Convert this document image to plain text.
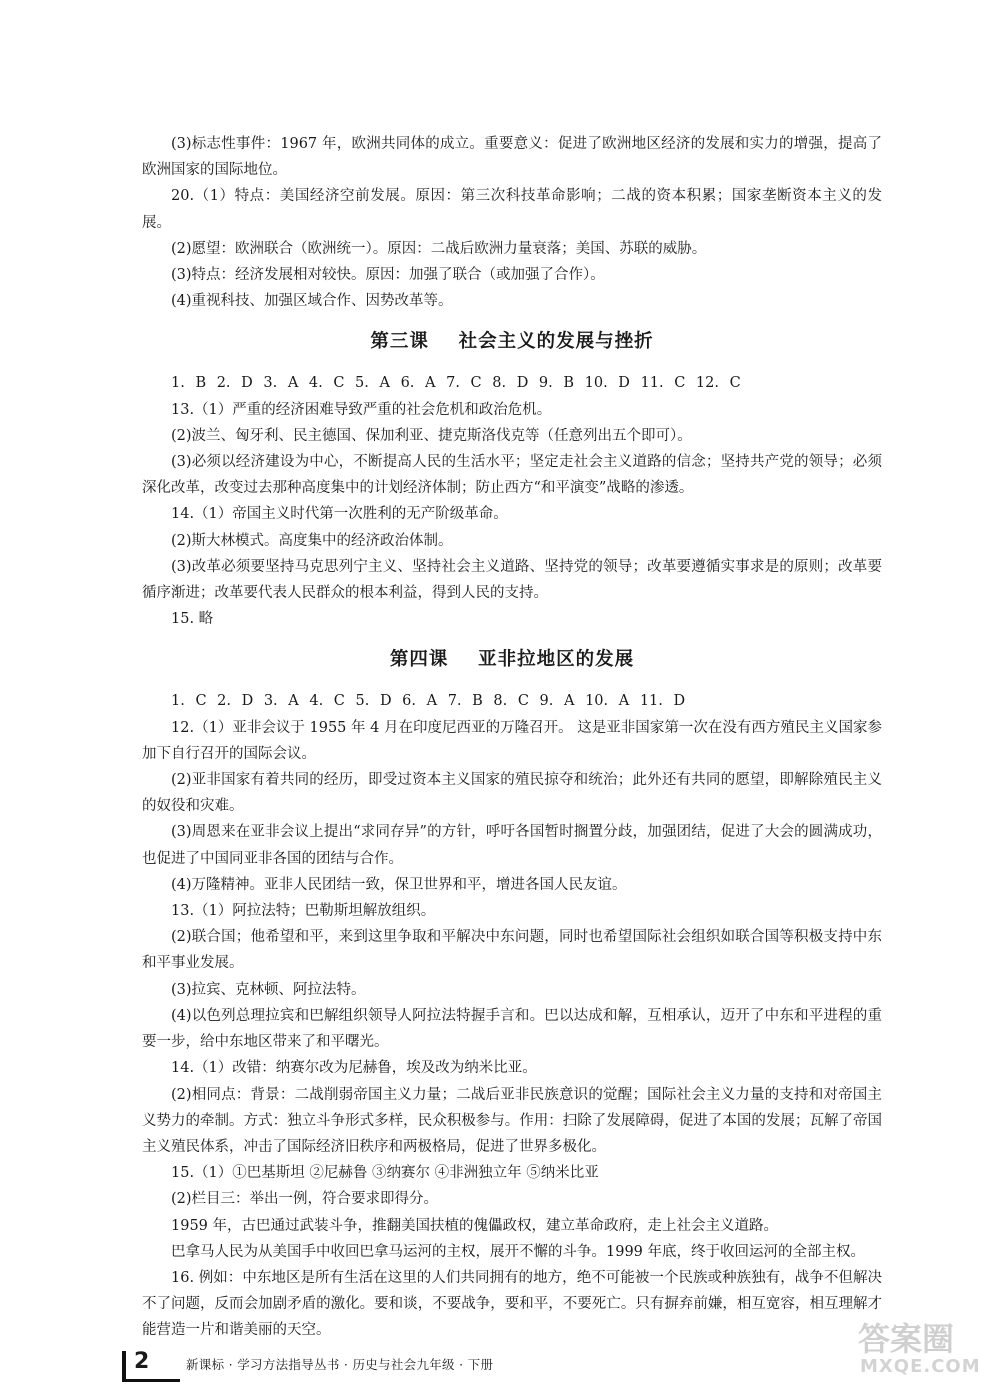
(3)标志性事件：1967 年，欧洲共同体的成立。重要意义：促进了欧洲地区经济的发展和实力的增强，提高了欧洲国家的国际地位。

20.（1）特点：美国经济空前发展。原因：第三次科技革命影响；二战的资本积累；国家垄断资本主义的发展。

(2)愿望：欧洲联合（欧洲统一）。原因：二战后欧洲力量衰落；美国、苏联的威胁。

(3)特点：经济发展相对较快。原因：加强了联合（或加强了合作）。

(4)重视科技、加强区域合作、因势改革等。

第三课    社会主义的发展与挫折

1. B 2. D 3. A 4. C 5. A 6. A 7. C 8. D 9. B 10. D 11. C 12. C

13.（1）严重的经济困难导致严重的社会危机和政治危机。

(2)波兰、匈牙利、民主德国、保加利亚、捷克斯洛伐克等（任意列出五个即可）。

(3)必须以经济建设为中心，不断提高人民的生活水平；坚定走社会主义道路的信念；坚持共产党的领导；必须深化改革，改变过去那种高度集中的计划经济体制；防止西方“和平演变”战略的渗透。

14.（1）帝国主义时代第一次胜利的无产阶级革命。

(2)斯大林模式。高度集中的经济政治体制。

(3)改革必须要坚持马克思列宁主义、坚持社会主义道路、坚持党的领导；改革要遵循实事求是的原则；改革要循序渐进；改革要代表人民群众的根本利益，得到人民的支持。

15. 略

第四课    亚非拉地区的发展

1. C 2. D 3. A 4. C 5. D 6. A 7. B 8. C 9. A 10. A 11. D

12.（1）亚非会议于 1955 年 4 月在印度尼西亚的万隆召开。 这是亚非国家第一次在没有西方殖民主义国家参加下自行召开的国际会议。

(2)亚非国家有着共同的经历，即受过资本主义国家的殖民掠夺和统治；此外还有共同的愿望，即解除殖民主义的奴役和灾难。

(3)周恩来在亚非会议上提出“求同存异”的方针，呼吁各国暂时搁置分歧，加强团结，促进了大会的圆满成功，也促进了中国同亚非各国的团结与合作。

(4)万隆精神。亚非人民团结一致，保卫世界和平，增进各国人民友谊。

13.（1）阿拉法特；巴勒斯坦解放组织。

(2)联合国；他希望和平，来到这里争取和平解决中东问题，同时也希望国际社会组织如联合国等积极支持中东和平事业发展。

(3)拉宾、克林顿、阿拉法特。

(4)以色列总理拉宾和巴解组织领导人阿拉法特握手言和。巴以达成和解，互相承认，迈开了中东和平进程的重要一步，给中东地区带来了和平曙光。

14.（1）改错：纳赛尔改为尼赫鲁，埃及改为纳米比亚。

(2)相同点：背景：二战削弱帝国主义力量；二战后亚非民族意识的觉醒；国际社会主义力量的支持和对帝国主义势力的牵制。方式：独立斗争形式多样，民众积极参与。作用：扫除了发展障碍，促进了本国的发展；瓦解了帝国主义殖民体系，冲击了国际经济旧秩序和两极格局，促进了世界多极化。

15.（1）①巴基斯坦 ②尼赫鲁 ③纳赛尔 ④非洲独立年 ⑤纳米比亚

(2)栏目三：举出一例，符合要求即得分。

1959 年，古巴通过武装斗争，推翻美国扶植的傀儡政权，建立革命政府，走上社会主义道路。

巴拿马人民为从美国手中收回巴拿马运河的主权，展开不懈的斗争。1999 年底，终于收回运河的全部主权。

16. 例如：中东地区是所有生活在这里的人们共同拥有的地方，绝不可能被一个民族或种族独有，战争不但解决不了问题，反而会加剧矛盾的激化。要和谈，不要战争，要和平，不要死亡。只有摒弃前嫌，相互宽容，相互理解才能营造一片和谐美丽的天空。

2	新课标 · 学习方法指导丛书 · 历史与社会九年级 · 下册
答案圈
MXQE.COM
